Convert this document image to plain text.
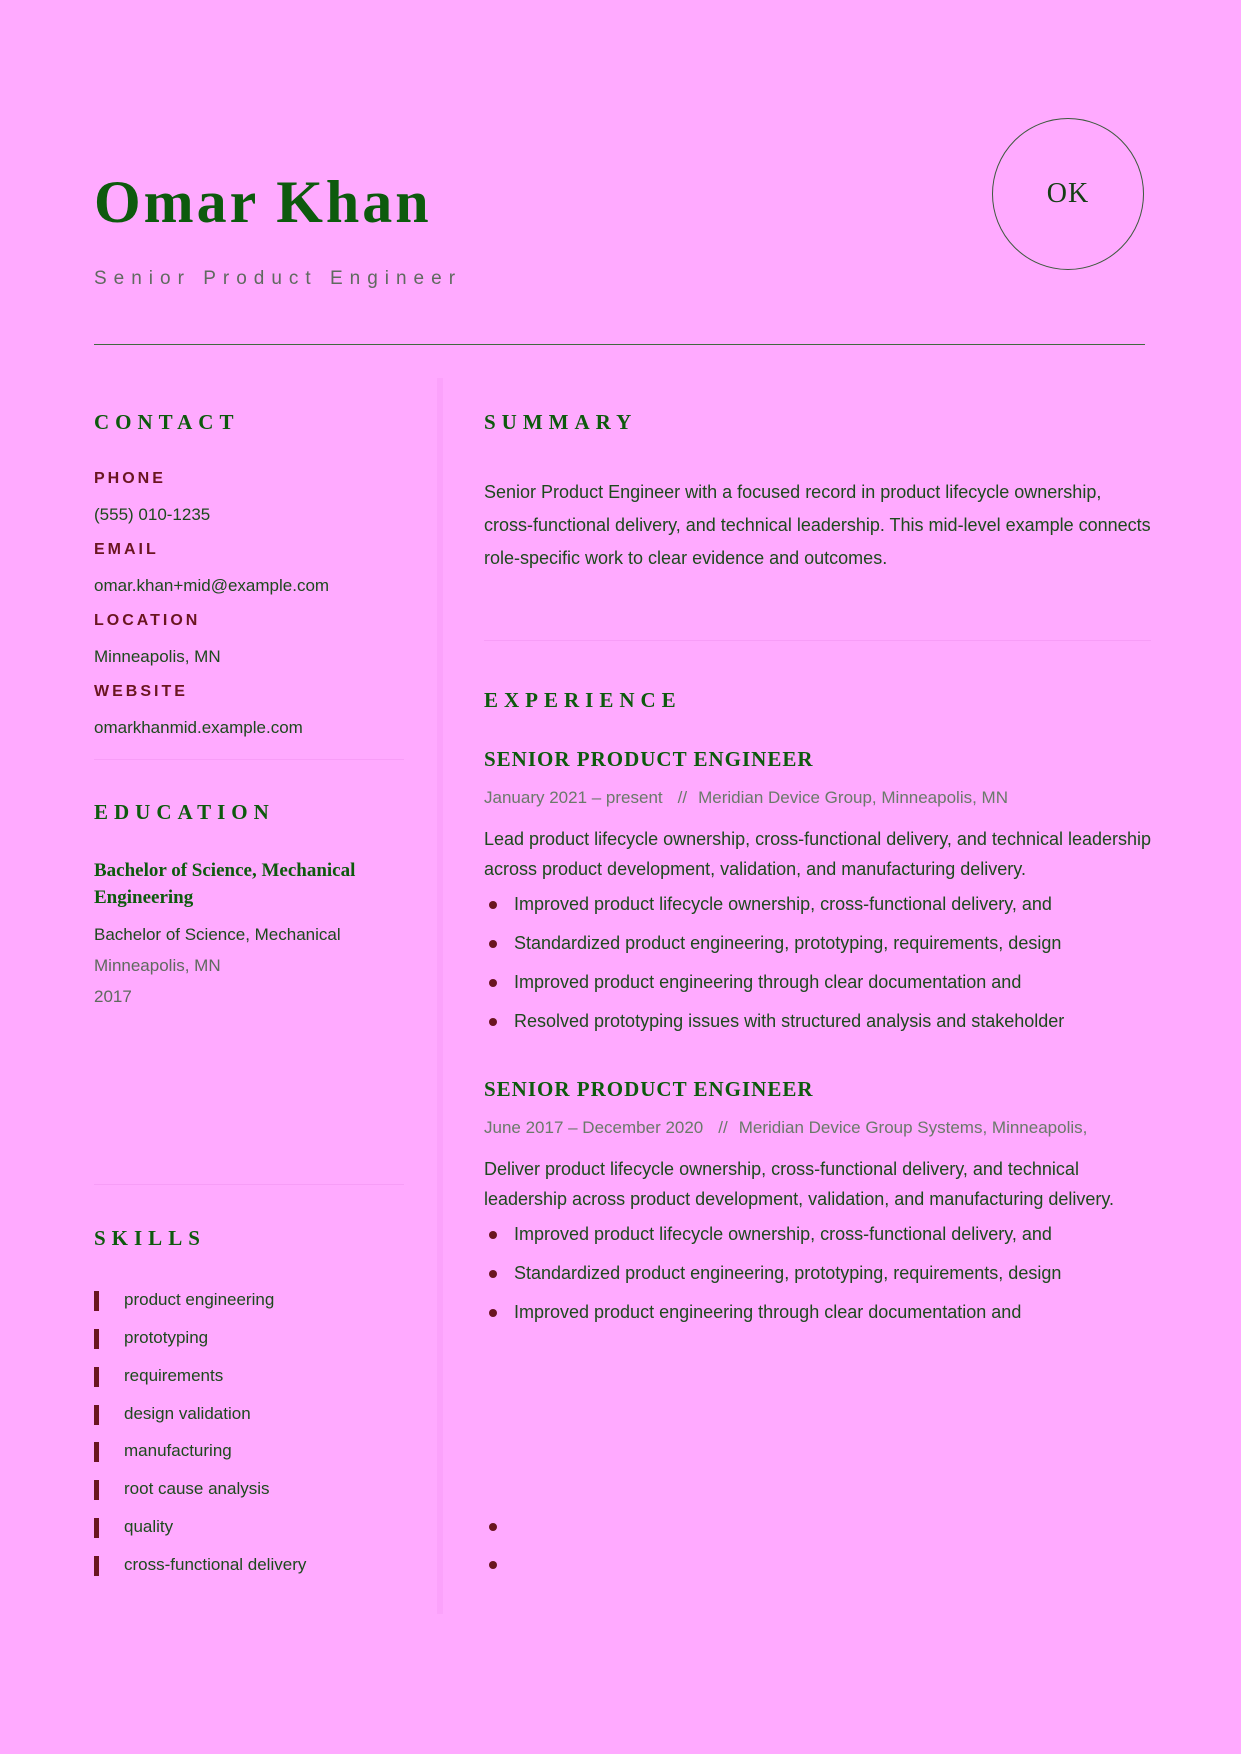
Omar Khan
Senior Product Engineer
OK
CONTACT
PHONE
(555) 010-1235
EMAIL
omar.khan+mid@example.com
LOCATION
Minneapolis, MN
WEBSITE
omarkhanmid.example.com
EDUCATION
Bachelor of Science, Mechanical Engineering
Bachelor of Science, Mechanical
Minneapolis, MN
2017
SKILLS
product engineering
prototyping
requirements
design validation
manufacturing
root cause analysis
quality
cross-functional delivery
SUMMARY
Senior Product Engineer with a focused record in product lifecycle ownership, cross-functional delivery, and technical leadership. This mid-level example connects role-specific work to clear evidence and outcomes.
EXPERIENCE
SENIOR PRODUCT ENGINEER
January 2021 – present // Meridian Device Group, Minneapolis, MN
Lead product lifecycle ownership, cross-functional delivery, and technical leadership across product development, validation, and manufacturing delivery.
Improved product lifecycle ownership, cross-functional delivery, and
Standardized product engineering, prototyping, requirements, design
Improved product engineering through clear documentation and
Resolved prototyping issues with structured analysis and stakeholder
SENIOR PRODUCT ENGINEER
June 2017 – December 2020 // Meridian Device Group Systems, Minneapolis,
Deliver product lifecycle ownership, cross-functional delivery, and technical leadership across product development, validation, and manufacturing delivery.
Improved product lifecycle ownership, cross-functional delivery, and
Standardized product engineering, prototyping, requirements, design
Improved product engineering through clear documentation and
